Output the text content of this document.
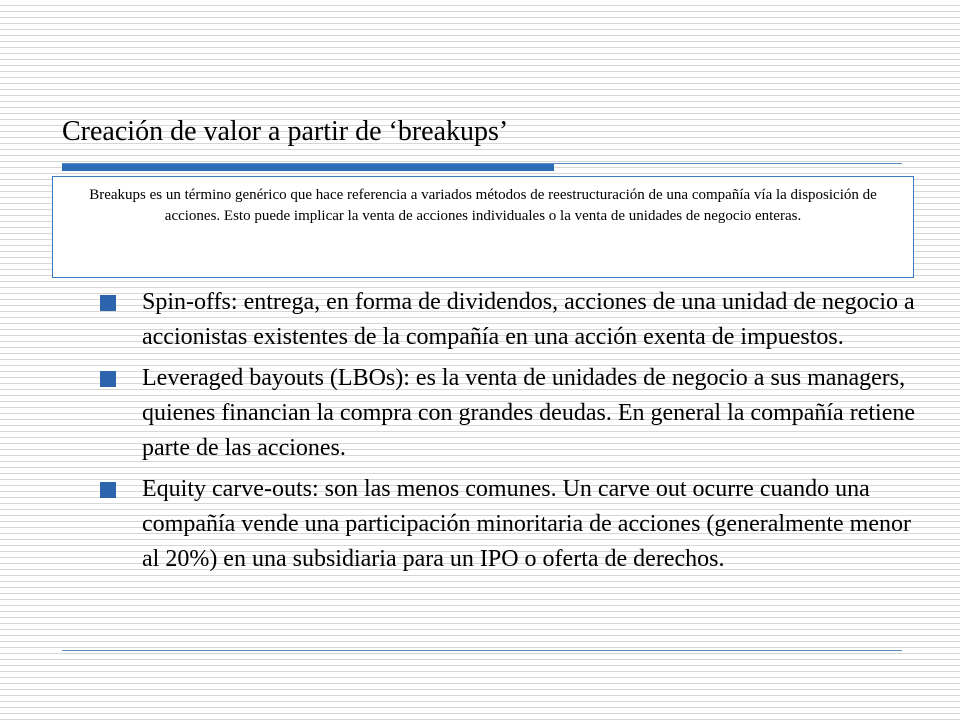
Creación de valor a partir de ‘breakups’

Breakups es un término genérico que hace referencia a variados métodos de reestructuración de una compañía vía la disposición de acciones. Esto puede implicar la venta de acciones individuales o la venta de unidades de negocio enteras.

Spin-offs: entrega, en forma de dividendos, acciones de una unidad de negocio a accionistas existentes de la compañía en una acción exenta de impuestos.
Leveraged bayouts (LBOs): es la venta de unidades de negocio a sus managers, quienes financian la compra con grandes deudas. En general la compañía retiene parte de las acciones.
Equity carve-outs: son las menos comunes. Un carve out ocurre cuando una compañía vende una participación minoritaria de acciones (generalmente menor al 20%) en una subsidiaria para un IPO o oferta de derechos.
